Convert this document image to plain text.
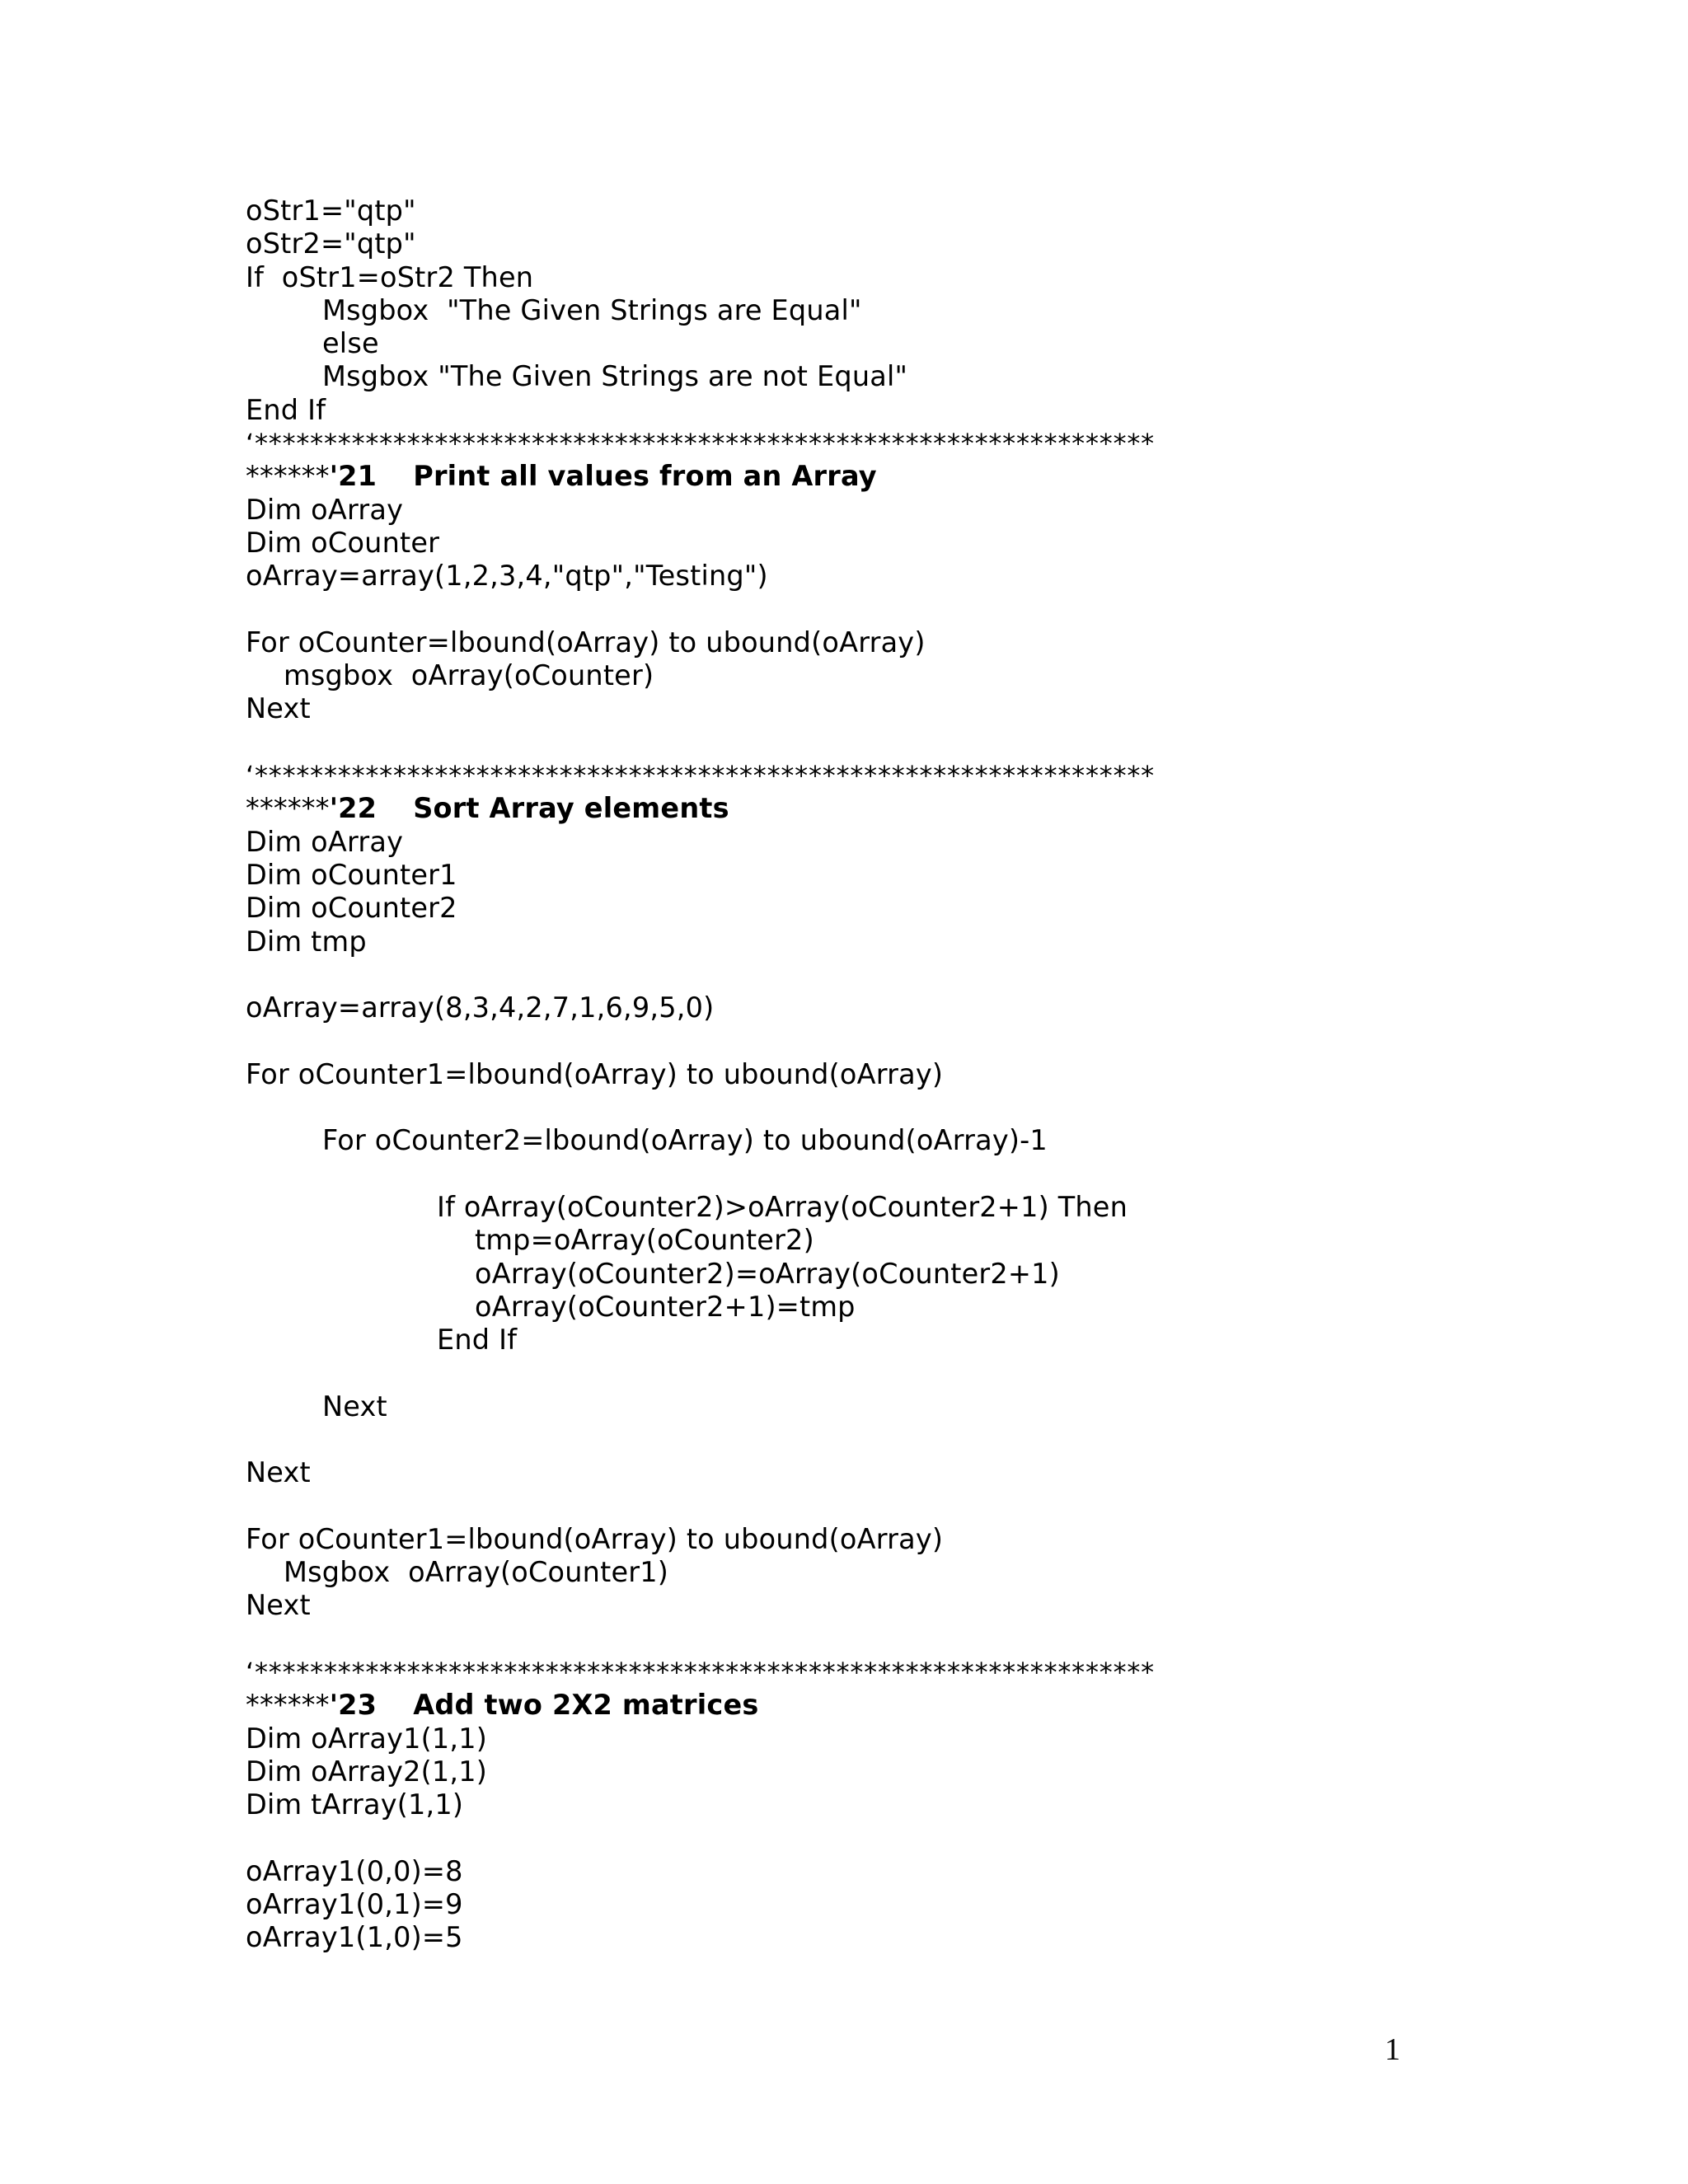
oStr1="qtp"
oStr2="qtp"
If  oStr1=oStr2 Then
Msgbox  "The Given Strings are Equal"
else
Msgbox "The Given Strings are not Equal"
End If
‘*****************************************************************
******'21 Print all values from an Array
Dim oArray
Dim oCounter
oArray=array(1,2,3,4,"qtp","Testing")
For oCounter=lbound(oArray) to ubound(oArray)
msgbox  oArray(oCounter)
Next
‘*****************************************************************
******'22 Sort Array elements
Dim oArray
Dim oCounter1
Dim oCounter2
Dim tmp
oArray=array(8,3,4,2,7,1,6,9,5,0)
For oCounter1=lbound(oArray) to ubound(oArray)
For oCounter2=lbound(oArray) to ubound(oArray)-1
If oArray(oCounter2)>oArray(oCounter2+1) Then
tmp=oArray(oCounter2)
oArray(oCounter2)=oArray(oCounter2+1)
oArray(oCounter2+1)=tmp
End If
Next
Next
For oCounter1=lbound(oArray) to ubound(oArray)
Msgbox  oArray(oCounter1)
Next
‘*****************************************************************
******'23 Add two 2X2 matrices
Dim oArray1(1,1)
Dim oArray2(1,1)
Dim tArray(1,1)
oArray1(0,0)=8
oArray1(0,1)=9
oArray1(1,0)=5
1
